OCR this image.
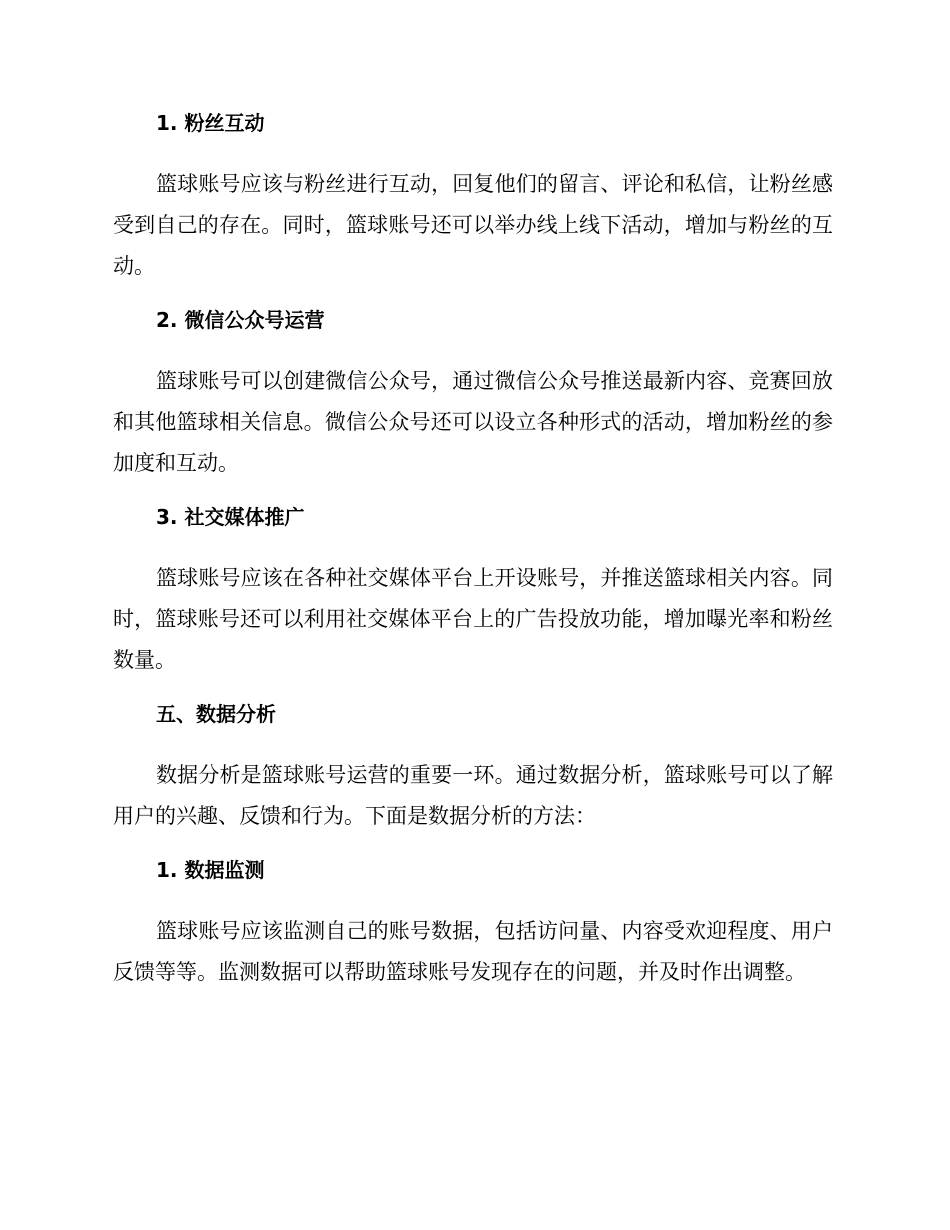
1. 粉丝互动

篮球账号应该与粉丝进行互动，回复他们的留言、评论和私信，让粉丝感受到自己的存在。同时，篮球账号还可以举办线上线下活动，增加与粉丝的互动。

2. 微信公众号运营

篮球账号可以创建微信公众号，通过微信公众号推送最新内容、竞赛回放和其他篮球相关信息。微信公众号还可以设立各种形式的活动，增加粉丝的参加度和互动。

3. 社交媒体推广

篮球账号应该在各种社交媒体平台上开设账号，并推送篮球相关内容。同时，篮球账号还可以利用社交媒体平台上的广告投放功能，增加曝光率和粉丝数量。

五、数据分析

数据分析是篮球账号运营的重要一环。通过数据分析，篮球账号可以了解用户的兴趣、反馈和行为。下面是数据分析的方法：

1. 数据监测

篮球账号应该监测自己的账号数据，包括访问量、内容受欢迎程度、用户反馈等等。监测数据可以帮助篮球账号发现存在的问题，并及时作出调整。
